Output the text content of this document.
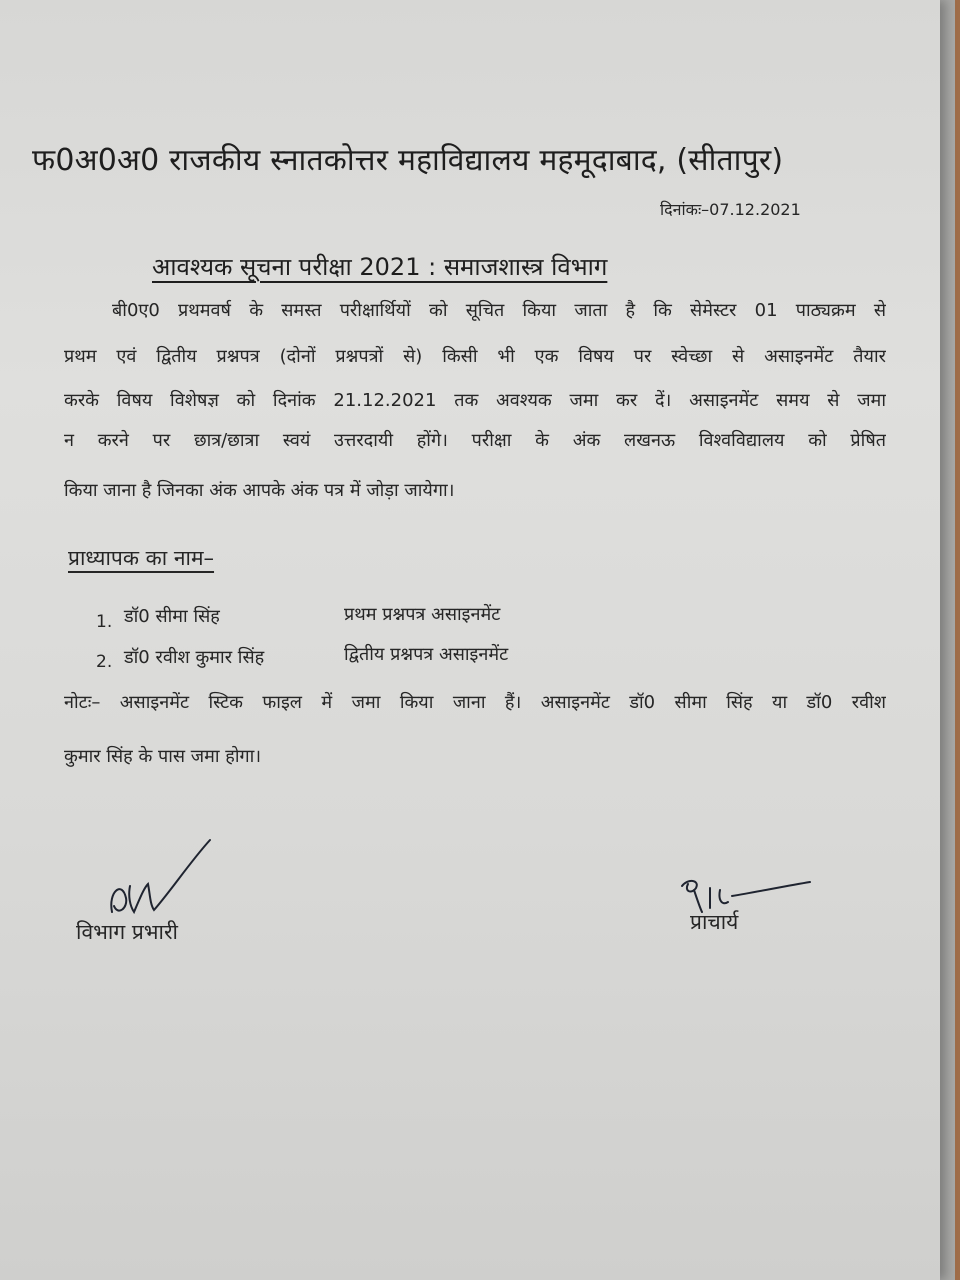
फ0अ0अ0 राजकीय स्नातकोत्तर महाविद्यालय महमूदाबाद, (सीतापुर)

दिनांकः–07.12.2021

आवश्यक सूचना परीक्षा 2021 : समाजशास्त्र विभाग

बी0ए0 प्रथमवर्ष के समस्त परीक्षार्थियों को सूचित किया जाता है कि सेमेस्टर 01 पाठ्यक्रम से

प्रथम एवं द्वितीय प्रश्नपत्र (दोनों प्रश्नपत्रों से) किसी भी एक विषय पर स्वेच्छा से असाइनमेंट तैयार

करके विषय विशेषज्ञ को दिनांक 21.12.2021 तक अवश्यक जमा कर दें। असाइनमेंट समय से जमा

न करने पर छात्र/छात्रा स्वयं उत्तरदायी होंगे। परीक्षा के अंक लखनऊ विश्वविद्यालय को प्रेषित

किया जाना है जिनका अंक आपके अंक पत्र में जोड़ा जायेगा।

प्राध्यापक का नाम–

1. डॉ0 सीमा सिंह	प्रथम प्रश्नपत्र असाइनमेंट
2. डॉ0 रवीश कुमार सिंह	द्वितीय प्रश्नपत्र असाइनमेंट

नोटः– असाइनमेंट स्टिक फाइल में जमा किया जाना हैं। असाइनमेंट डॉ0 सीमा सिंह या डॉ0 रवीश

कुमार सिंह के पास जमा होगा।

विभाग प्रभारी	प्राचार्य
